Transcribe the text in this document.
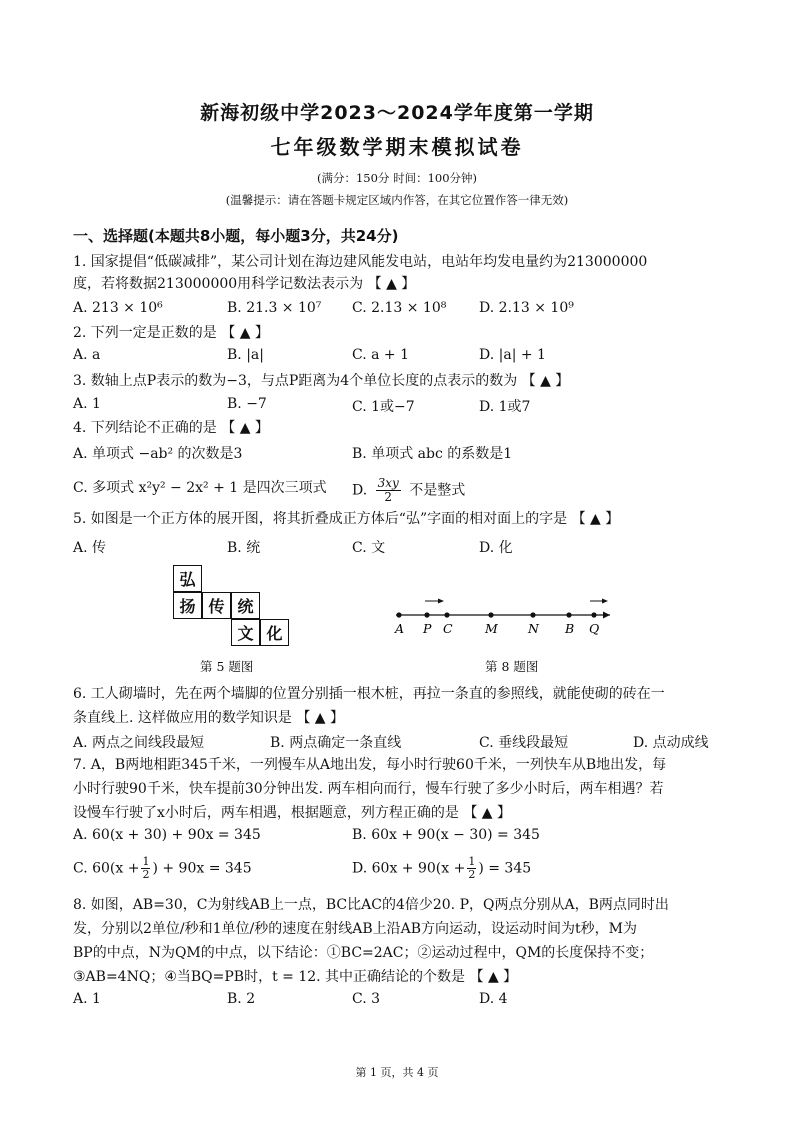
新海初级中学2023～2024学年度第一学期
七年级数学期末模拟试卷
(满分：150分 时间：100分钟)
(温馨提示：请在答题卡规定区域内作答，在其它位置作答一律无效)
一、选择题(本题共8小题，每小题3分，共24分)
1. 国家提倡“低碳减排”，某公司计划在海边建风能发电站，电站年均发电量约为213000000
度，若将数据213000000用科学记数法表示为 【 ▲ 】
A. 213 × 10⁶	B. 21.3 × 10⁷ C. 2.13 × 10⁸ D. 2.13 × 10⁹
2. 下列一定是正数的是 【 ▲ 】
A. a	B. |a|	C. a + 1	D. |a| + 1
3. 数轴上点P表示的数为−3，与点P距离为4个单位长度的点表示的数为 【 ▲ 】
A. 1	B. −7	C. 1或−7	D. 1或7
4. 下列结论不正确的是 【 ▲ 】
A. 单项式 −ab² 的次数是3	B. 单项式 abc 的系数是1
C. 多项式 x²y² − 2x² + 1 是四次三项式 D. $\frac{3xy}{2}$ 不是整式
5. 如图是一个正方体的展开图，将其折叠成正方体后“弘”字面的相对面上的字是 【 ▲ 】
A. 传	B. 统	C. 文	D. 化
弘
扬 传 统
文 化
第 5 题图
A P C	M N B Q
第 8 题图
6. 工人砌墙时，先在两个墙脚的位置分别插一根木桩，再拉一条直的参照线，就能使砌的砖在一
条直线上. 这样做应用的数学知识是 【 ▲ 】
A. 两点之间线段最短	B. 两点确定一条直线	C. 垂线段最短	D. 点动成线
7. A，B两地相距345千米，一列慢车从A地出发，每小时行驶60千米，一列快车从B地出发，每
小时行驶90千米，快车提前30分钟出发. 两车相向而行，慢车行驶了多少小时后，两车相遇？若
设慢车行驶了x小时后，两车相遇，根据题意，列方程正确的是 【 ▲ 】
A. 60(x + 30) + 90x = 345	B. 60x + 90(x − 30) = 345
C. $60(x + \frac{1}{2}$ ) + 90x = 345	D. $60x + 90(x + \frac{1}{2}$ ) = 345
8. 如图，AB=30，C为射线AB上一点，BC比AC的4倍少20. P，Q两点分别从A，B两点同时出
发，分别以2单位/秒和1单位/秒的速度在射线AB上沿AB方向运动，设运动时间为t秒，M为
BP的中点，N为QM的中点，以下结论：①BC=2AC；②运动过程中，QM的长度保持不变；
③AB=4NQ；④当BQ=PB时，t = 12. 其中正确结论的个数是 【 ▲ 】
A. 1	B. 2	C. 3	D. 4
第 1 页，共 4 页
